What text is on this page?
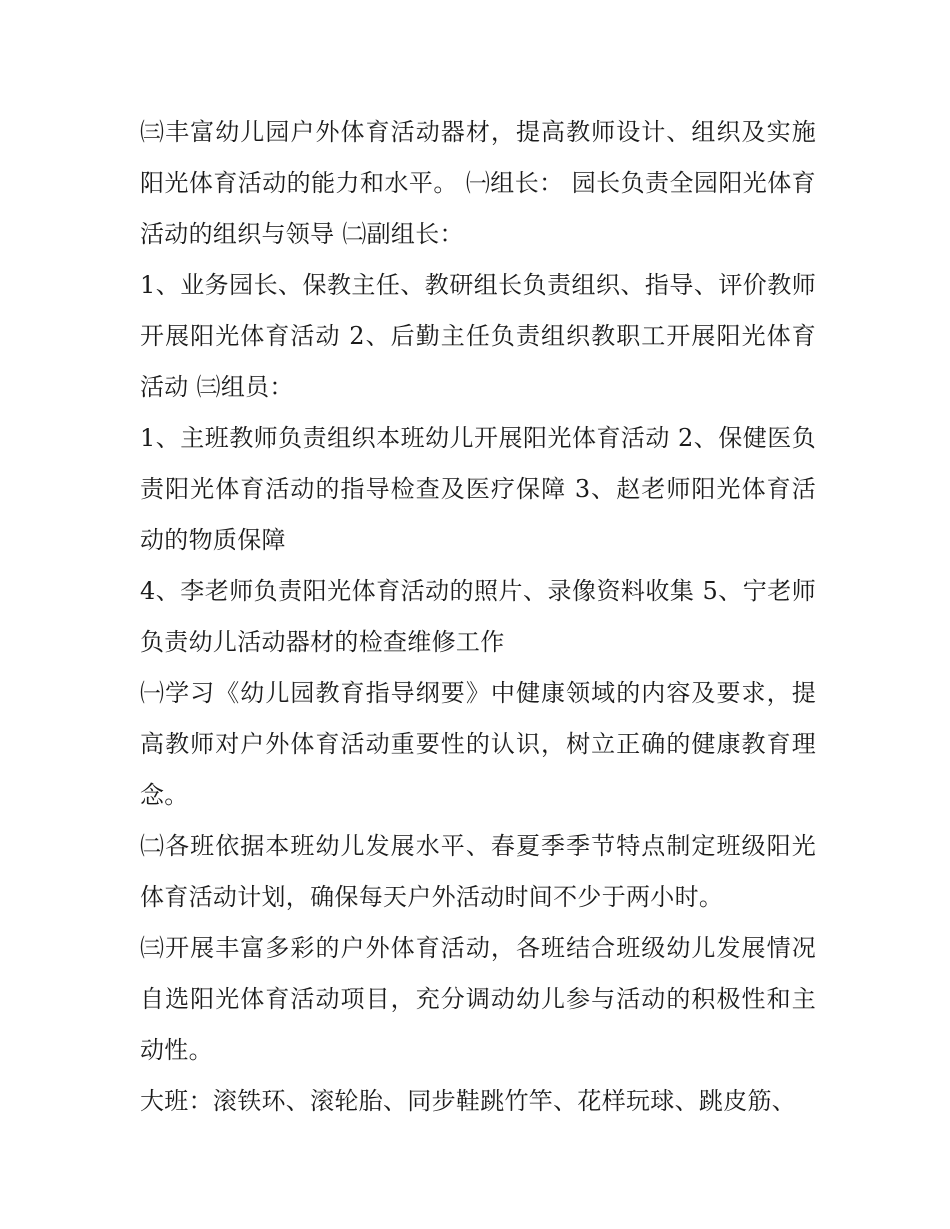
㈢丰富幼儿园户外体育活动器材，提高教师设计、组织及实施阳光体育活动的能力和水平。 ㈠组长： 园长负责全园阳光体育活动的组织与领导 ㈡副组长：

1、业务园长、保教主任、教研组长负责组织、指导、评价教师开展阳光体育活动 2、后勤主任负责组织教职工开展阳光体育活动 ㈢组员：

1、主班教师负责组织本班幼儿开展阳光体育活动 2、保健医负责阳光体育活动的指导检查及医疗保障 3、赵老师阳光体育活动的物质保障

4、李老师负责阳光体育活动的照片、录像资料收集 5、宁老师负责幼儿活动器材的检查维修工作

㈠学习《幼儿园教育指导纲要》中健康领域的内容及要求，提高教师对户外体育活动重要性的认识，树立正确的健康教育理念。

㈡各班依据本班幼儿发展水平、春夏季季节特点制定班级阳光体育活动计划，确保每天户外活动时间不少于两小时。

㈢开展丰富多彩的户外体育活动，各班结合班级幼儿发展情况自选阳光体育活动项目，充分调动幼儿参与活动的积极性和主动性。

大班：滚铁环、滚轮胎、同步鞋跳竹竿、花样玩球、跳皮筋、
